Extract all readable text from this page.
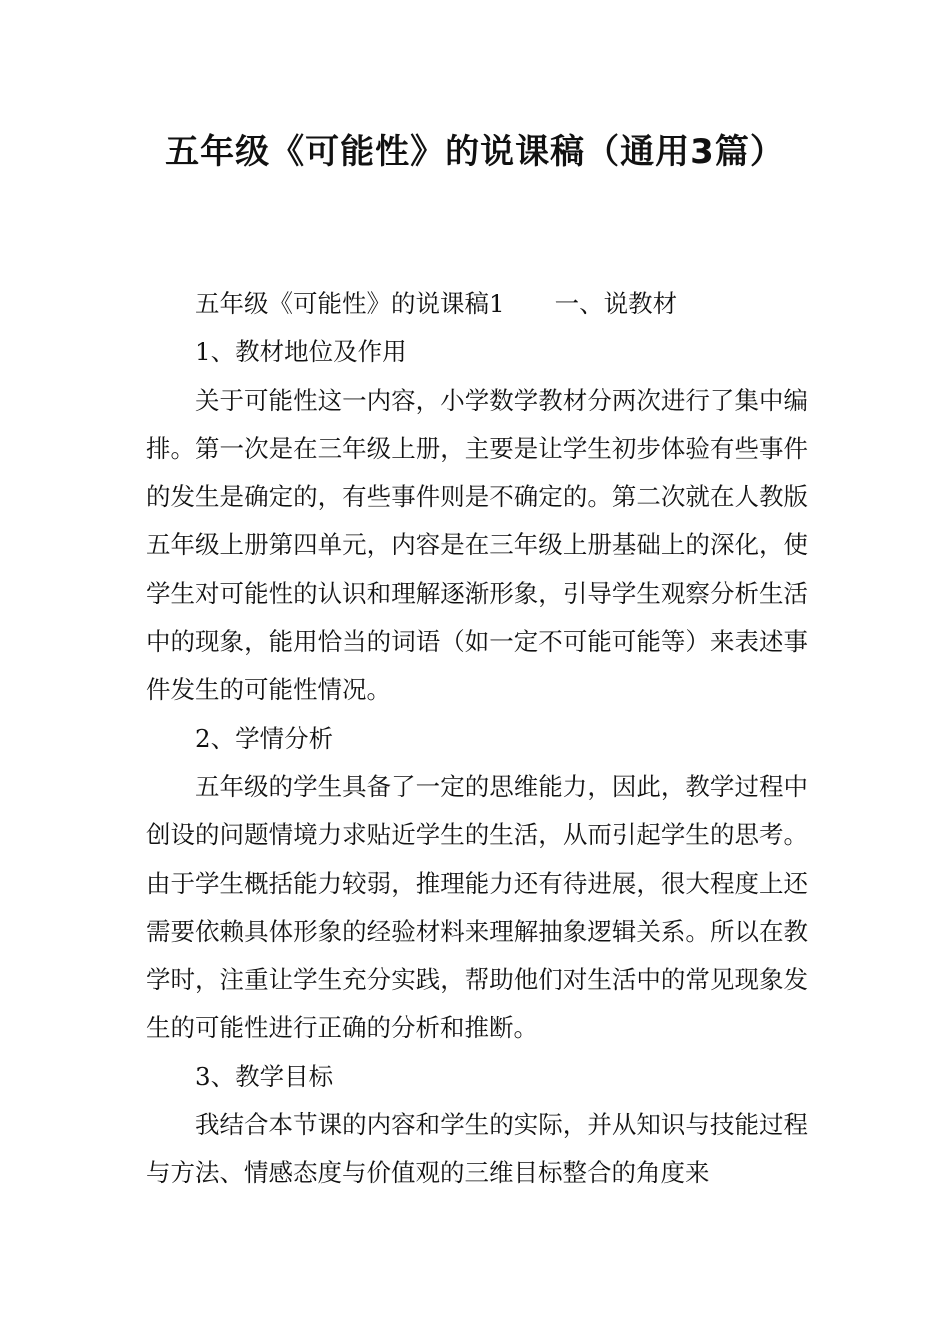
五年级《可能性》的说课稿（通用3篇）

五年级《可能性》的说课稿1 一、说教材

1、教材地位及作用

关于可能性这一内容，小学数学教材分两次进行了集中编排。第一次是在三年级上册，主要是让学生初步体验有些事件的发生是确定的，有些事件则是不确定的。第二次就在人教版五年级上册第四单元，内容是在三年级上册基础上的深化，使学生对可能性的认识和理解逐渐形象，引导学生观察分析生活中的现象，能用恰当的词语（如一定不可能可能等）来表述事件发生的可能性情况。

2、学情分析

五年级的学生具备了一定的思维能力，因此，教学过程中创设的问题情境力求贴近学生的生活，从而引起学生的思考。由于学生概括能力较弱，推理能力还有待进展，很大程度上还需要依赖具体形象的经验材料来理解抽象逻辑关系。所以在教学时，注重让学生充分实践，帮助他们对生活中的常见现象发生的可能性进行正确的分析和推断。

3、教学目标

我结合本节课的内容和学生的实际，并从知识与技能过程与方法、情感态度与价值观的三维目标整合的角度来
